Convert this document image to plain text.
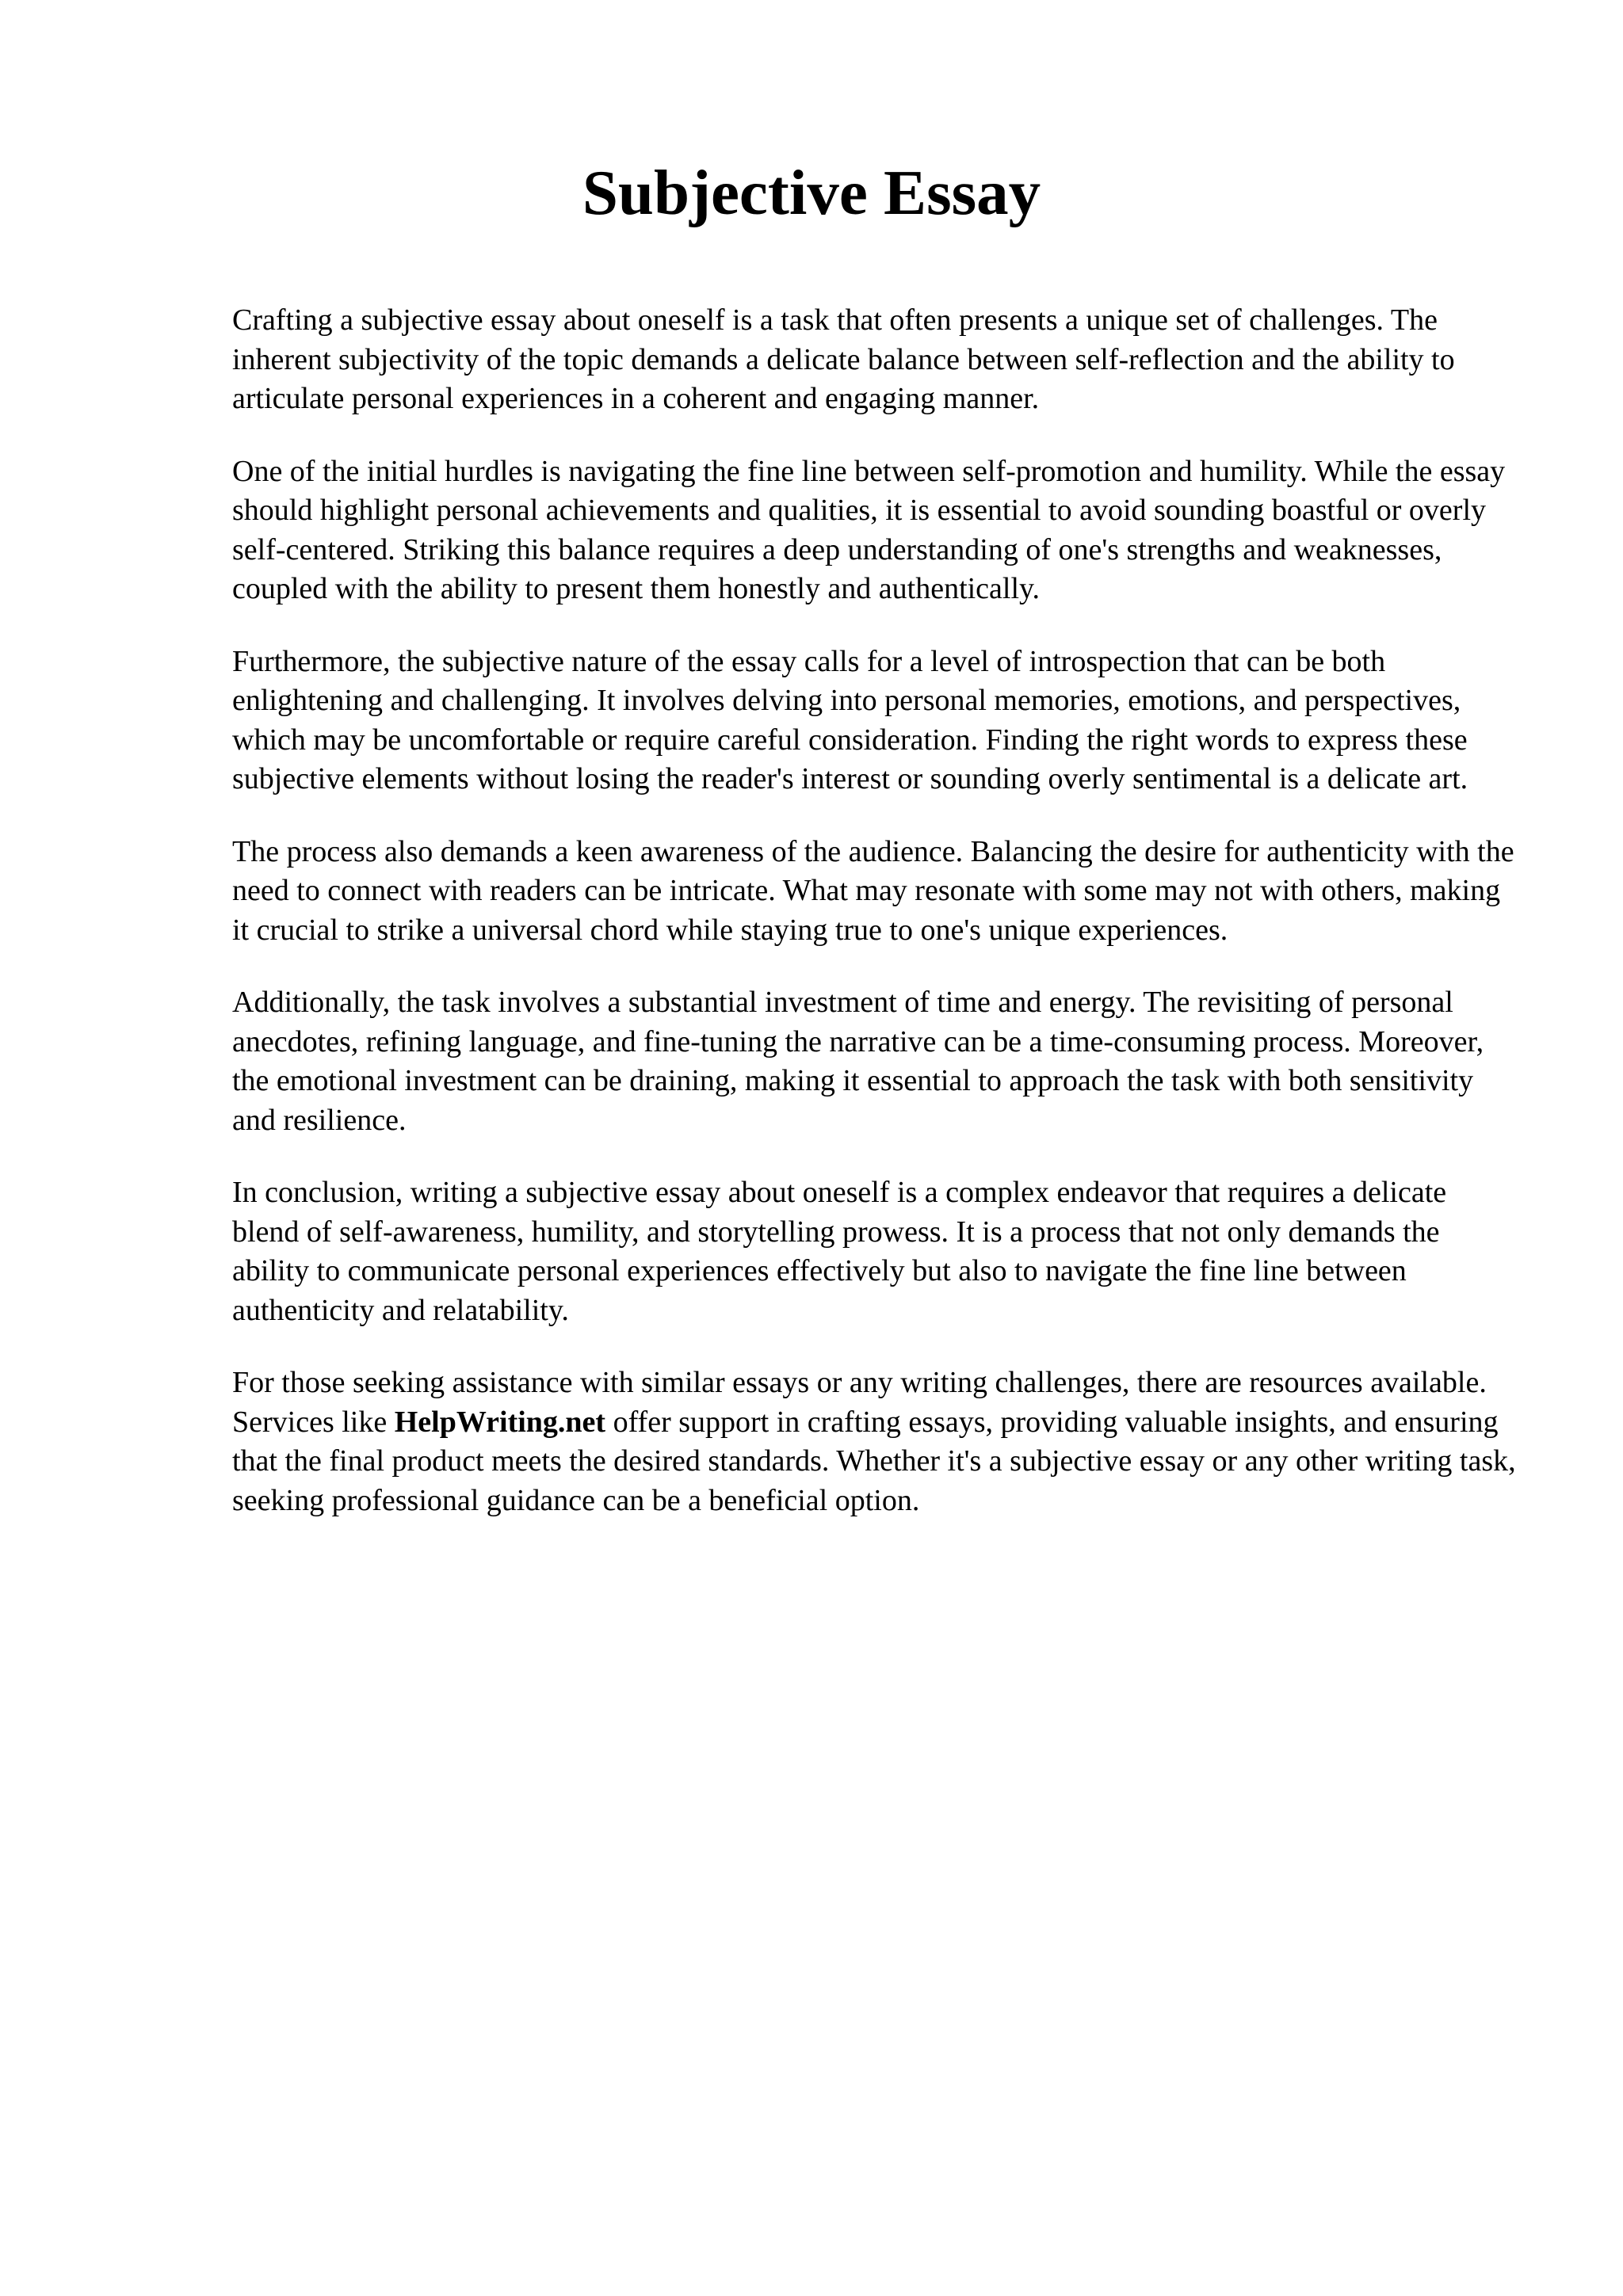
Subjective Essay

Crafting a subjective essay about oneself is a task that often presents a unique set of challenges. The inherent subjectivity of the topic demands a delicate balance between self-reflection and the ability to articulate personal experiences in a coherent and engaging manner.

One of the initial hurdles is navigating the fine line between self-promotion and humility. While the essay should highlight personal achievements and qualities, it is essential to avoid sounding boastful or overly self-centered. Striking this balance requires a deep understanding of one's strengths and weaknesses, coupled with the ability to present them honestly and authentically.

Furthermore, the subjective nature of the essay calls for a level of introspection that can be both enlightening and challenging. It involves delving into personal memories, emotions, and perspectives, which may be uncomfortable or require careful consideration. Finding the right words to express these subjective elements without losing the reader's interest or sounding overly sentimental is a delicate art.

The process also demands a keen awareness of the audience. Balancing the desire for authenticity with the need to connect with readers can be intricate. What may resonate with some may not with others, making it crucial to strike a universal chord while staying true to one's unique experiences.

Additionally, the task involves a substantial investment of time and energy. The revisiting of personal anecdotes, refining language, and fine-tuning the narrative can be a time-consuming process. Moreover, the emotional investment can be draining, making it essential to approach the task with both sensitivity and resilience.

In conclusion, writing a subjective essay about oneself is a complex endeavor that requires a delicate blend of self-awareness, humility, and storytelling prowess. It is a process that not only demands the ability to communicate personal experiences effectively but also to navigate the fine line between authenticity and relatability.

For those seeking assistance with similar essays or any writing challenges, there are resources available. Services like HelpWriting.net offer support in crafting essays, providing valuable insights, and ensuring that the final product meets the desired standards. Whether it's a subjective essay or any other writing task, seeking professional guidance can be a beneficial option.
